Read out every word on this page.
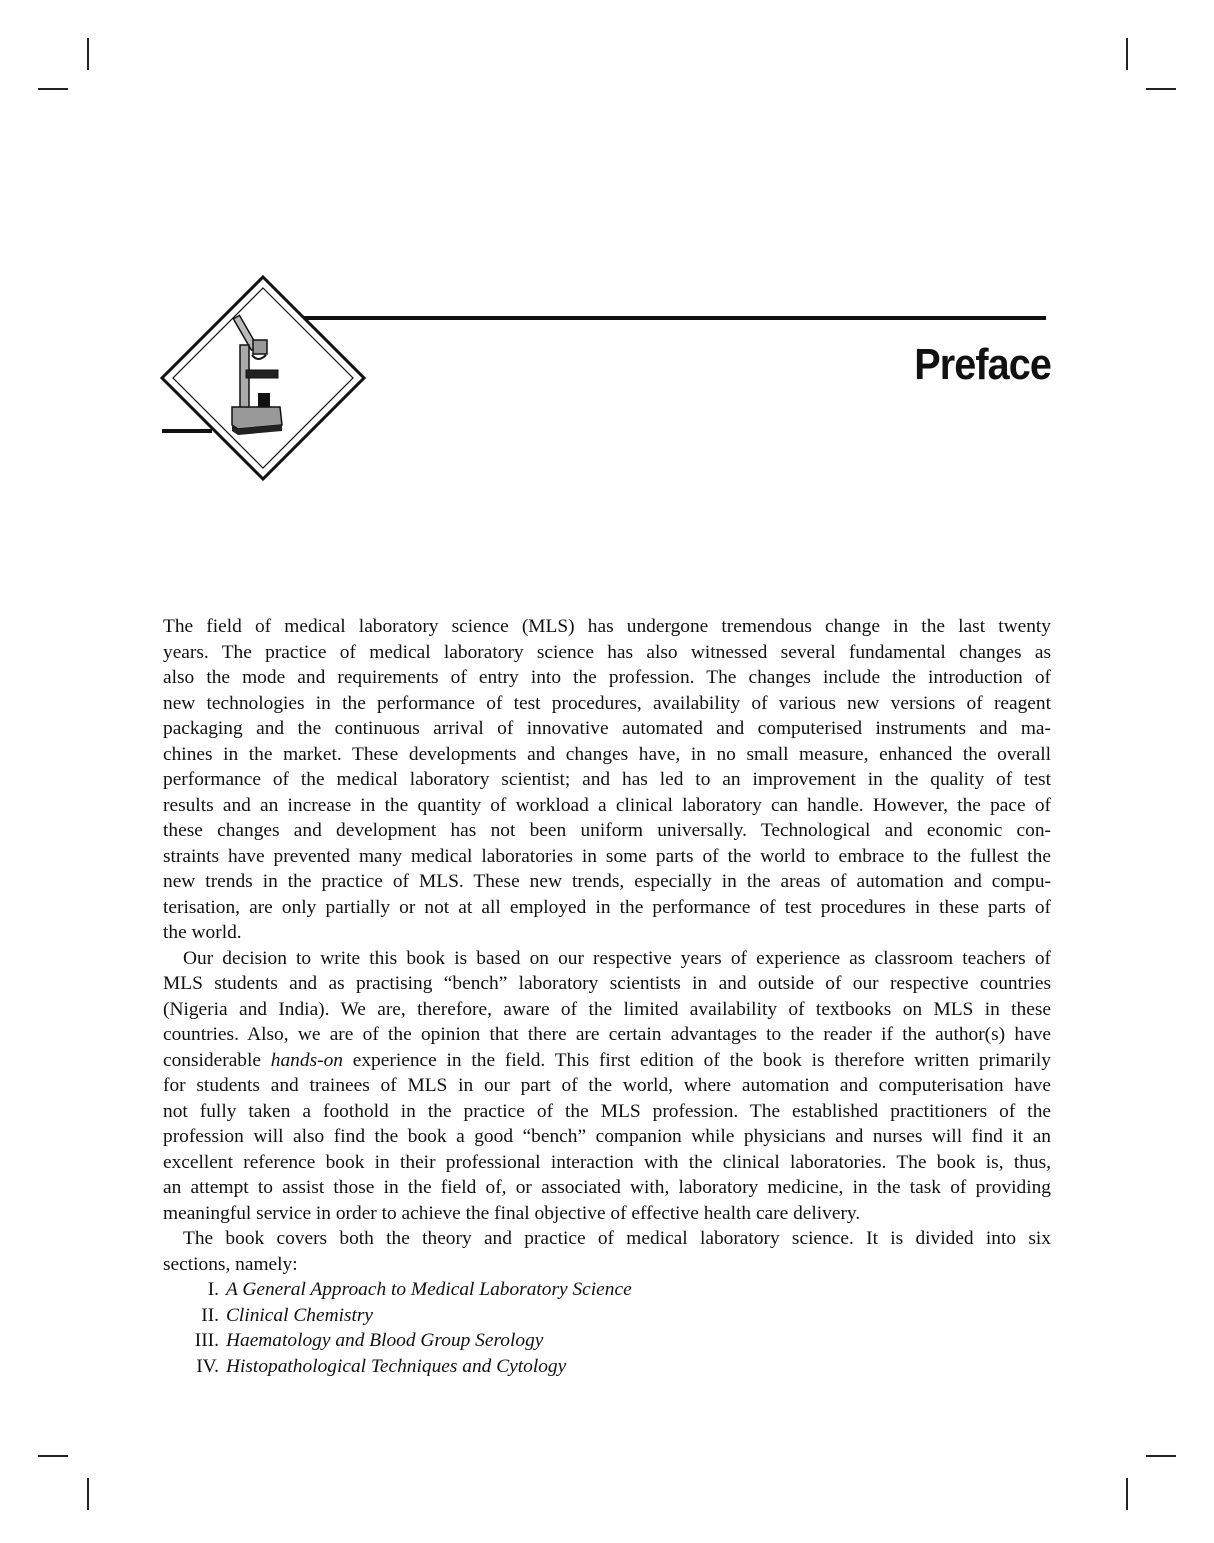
Preface
The field of medical laboratory science (MLS) has undergone tremendous change in the last twenty
years. The practice of medical laboratory science has also witnessed several fundamental changes as
also the mode and requirements of entry into the profession. The changes include the introduction of
new technologies in the performance of test procedures, availability of various new versions of reagent
packaging and the continuous arrival of innovative automated and computerised instruments and ma-
chines in the market. These developments and changes have, in no small measure, enhanced the overall
performance of the medical laboratory scientist; and has led to an improvement in the quality of test
results and an increase in the quantity of workload a clinical laboratory can handle. However, the pace of
these changes and development has not been uniform universally. Technological and economic con-
straints have prevented many medical laboratories in some parts of the world to embrace to the fullest the
new trends in the practice of MLS. These new trends, especially in the areas of automation and compu-
terisation, are only partially or not at all employed in the performance of test procedures in these parts of
the world.
Our decision to write this book is based on our respective years of experience as classroom teachers of
MLS students and as practising “bench” laboratory scientists in and outside of our respective countries
(Nigeria and India). We are, therefore, aware of the limited availability of textbooks on MLS in these
countries. Also, we are of the opinion that there are certain advantages to the reader if the author(s) have
considerable hands-on experience in the field. This first edition of the book is therefore written primarily
for students and trainees of MLS in our part of the world, where automation and computerisation have
not fully taken a foothold in the practice of the MLS profession. The established practitioners of the
profession will also find the book a good “bench” companion while physicians and nurses will find it an
excellent reference book in their professional interaction with the clinical laboratories. The book is, thus,
an attempt to assist those in the field of, or associated with, laboratory medicine, in the task of providing
meaningful service in order to achieve the final objective of effective health care delivery.
The book covers both the theory and practice of medical laboratory science. It is divided into six
sections, namely:
I. A General Approach to Medical Laboratory Science
II. Clinical Chemistry
III. Haematology and Blood Group Serology
IV. Histopathological Techniques and Cytology
